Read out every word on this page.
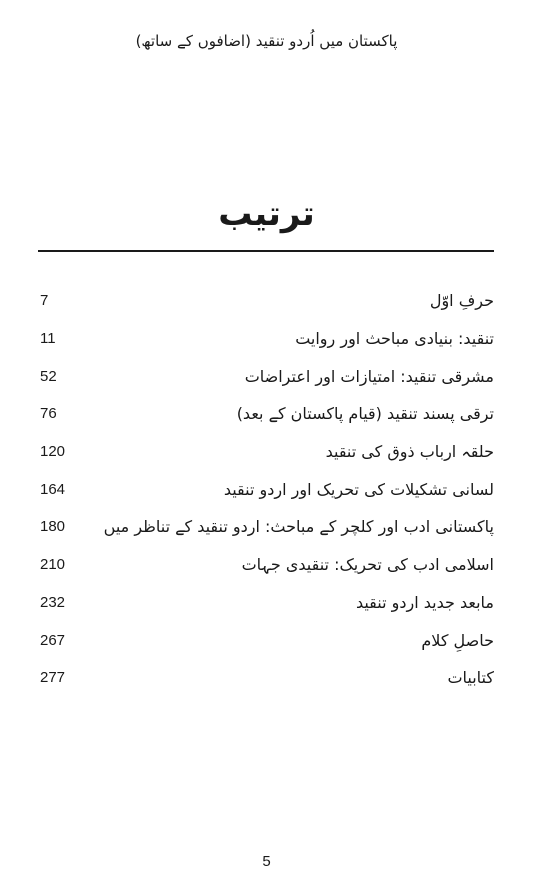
پاکستان میں اُردو تنقید (اضافوں کے ساتھ)
ترتیب
7	حرفِ اوّل
11	تنقید: بنیادی مباحث اور روایت
52	مشرقی تنقید: امتیازات اور اعتراضات
76	ترقی پسند تنقید (قیام پاکستان کے بعد)
120	حلقہ ارباب ذوق کی تنقید
164	لسانی تشکیلات کی تحریک اور اردو تنقید
180	پاکستانی ادب اور کلچر کے مباحث: اردو تنقید کے تناظر میں
210	اسلامی ادب کی تحریک: تنقیدی جہات
232	مابعد جدید اردو تنقید
267	حاصلِ کلام
277	کتابیات
5
